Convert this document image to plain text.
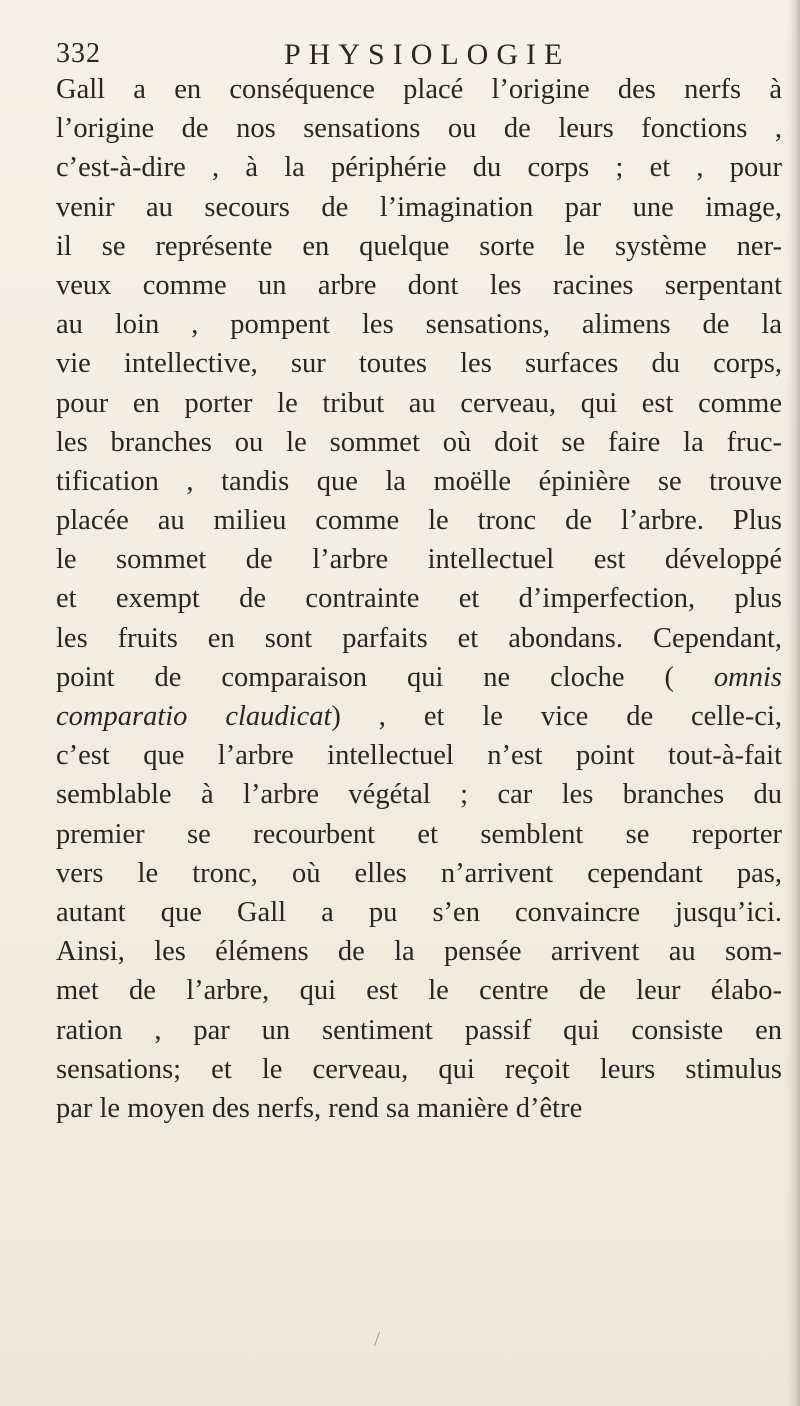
332	PHYSIOLOGIE
Gall a en conséquence placé l’origine des nerfs à
l’origine de nos sensations ou de leurs fonctions ,
c’est-à-dire , à la périphérie du corps ; et , pour
venir au secours de l’imagination par une image,
il se représente en quelque sorte le système ner-
veux comme un arbre dont les racines serpentant
au loin , pompent les sensations, alimens de la
vie intellective, sur toutes les surfaces du corps,
pour en porter le tribut au cerveau, qui est comme
les branches ou le sommet où doit se faire la fruc-
tification , tandis que la moëlle épinière se trouve
placée au milieu comme le tronc de l’arbre. Plus
le sommet de l’arbre intellectuel est développé
et exempt de contrainte et d’imperfection, plus
les fruits en sont parfaits et abondans. Cependant,
point de comparaison qui ne cloche ( omnis
comparatio claudicat) , et le vice de celle-ci,
c’est que l’arbre intellectuel n’est point tout-à-fait
semblable à l’arbre végétal ; car les branches du
premier se recourbent et semblent se reporter
vers le tronc, où elles n’arrivent cependant pas,
autant que Gall a pu s’en convaincre jusqu’ici.
Ainsi, les élémens de la pensée arrivent au som-
met de l’arbre, qui est le centre de leur élabo-
ration , par un sentiment passif qui consiste en
sensations; et le cerveau, qui reçoit leurs stimulus
par le moyen des nerfs, rend sa manière d’être
/
